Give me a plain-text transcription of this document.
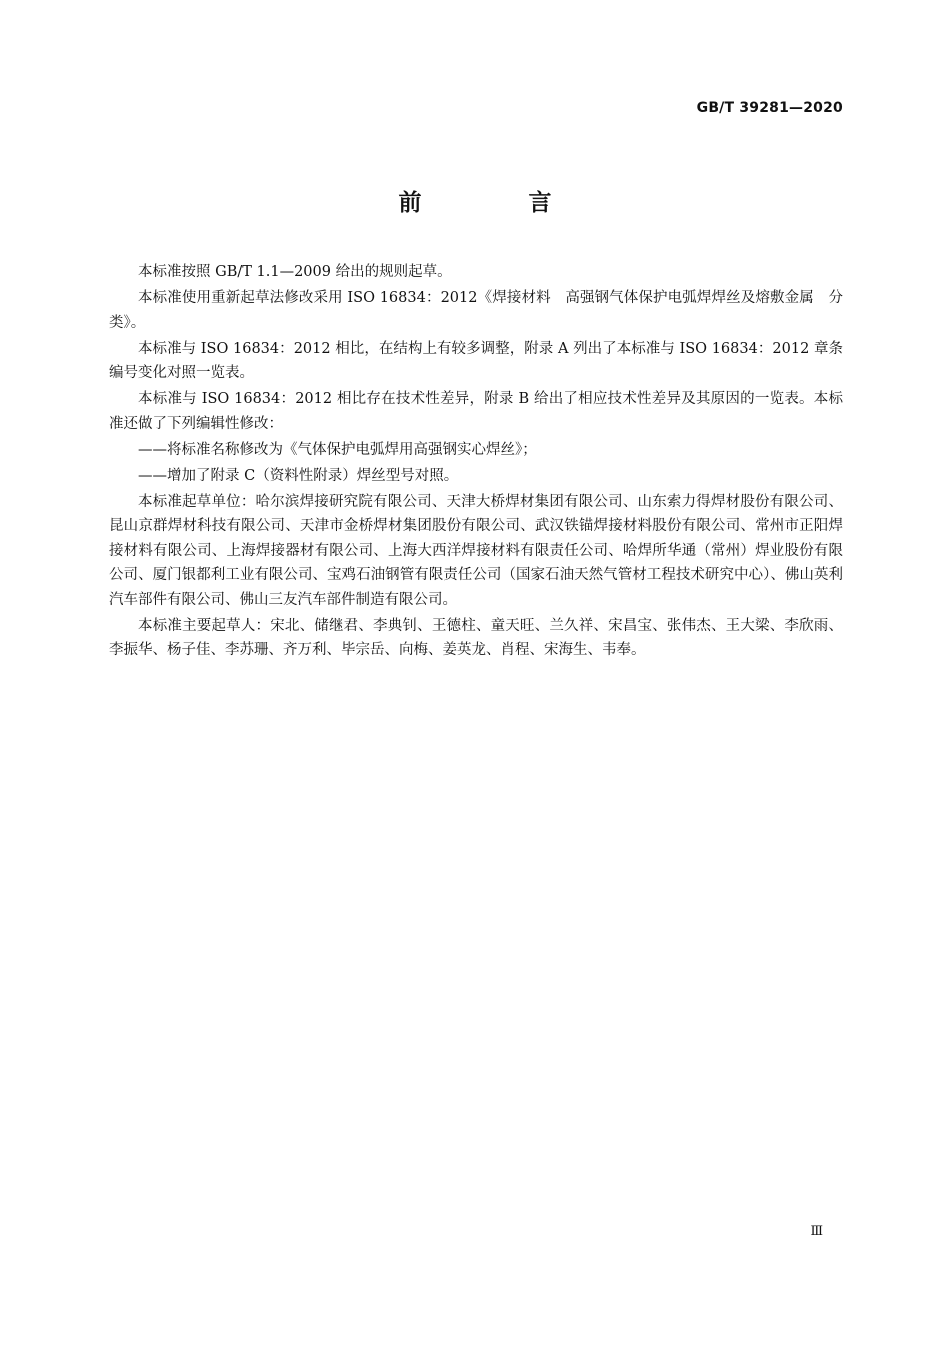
GB/T 39281—2020
前　言

本标准按照 GB/T 1.1—2009 给出的规则起草。

本标准使用重新起草法修改采用 ISO 16834：2012《焊接材料　高强钢气体保护电弧焊焊丝及熔敷金属　分类》。

本标准与 ISO 16834：2012 相比，在结构上有较多调整，附录 A 列出了本标准与 ISO 16834：2012 章条编号变化对照一览表。

本标准与 ISO 16834：2012 相比存在技术性差异，附录 B 给出了相应技术性差异及其原因的一览表。本标准还做了下列编辑性修改：

——将标准名称修改为《气体保护电弧焊用高强钢实心焊丝》；

——增加了附录 C（资料性附录）焊丝型号对照。

本标准起草单位：哈尔滨焊接研究院有限公司、天津大桥焊材集团有限公司、山东索力得焊材股份有限公司、昆山京群焊材科技有限公司、天津市金桥焊材集团股份有限公司、武汉铁锚焊接材料股份有限公司、常州市正阳焊接材料有限公司、上海焊接器材有限公司、上海大西洋焊接材料有限责任公司、哈焊所华通（常州）焊业股份有限公司、厦门银都利工业有限公司、宝鸡石油钢管有限责任公司（国家石油天然气管材工程技术研究中心）、佛山英利汽车部件有限公司、佛山三友汽车部件制造有限公司。

本标准主要起草人：宋北、储继君、李典钊、王德柱、童天旺、兰久祥、宋昌宝、张伟杰、王大梁、李欣雨、李振华、杨子佳、李苏珊、齐万利、毕宗岳、向梅、姜英龙、肖程、宋海生、韦奉。

Ⅲ
